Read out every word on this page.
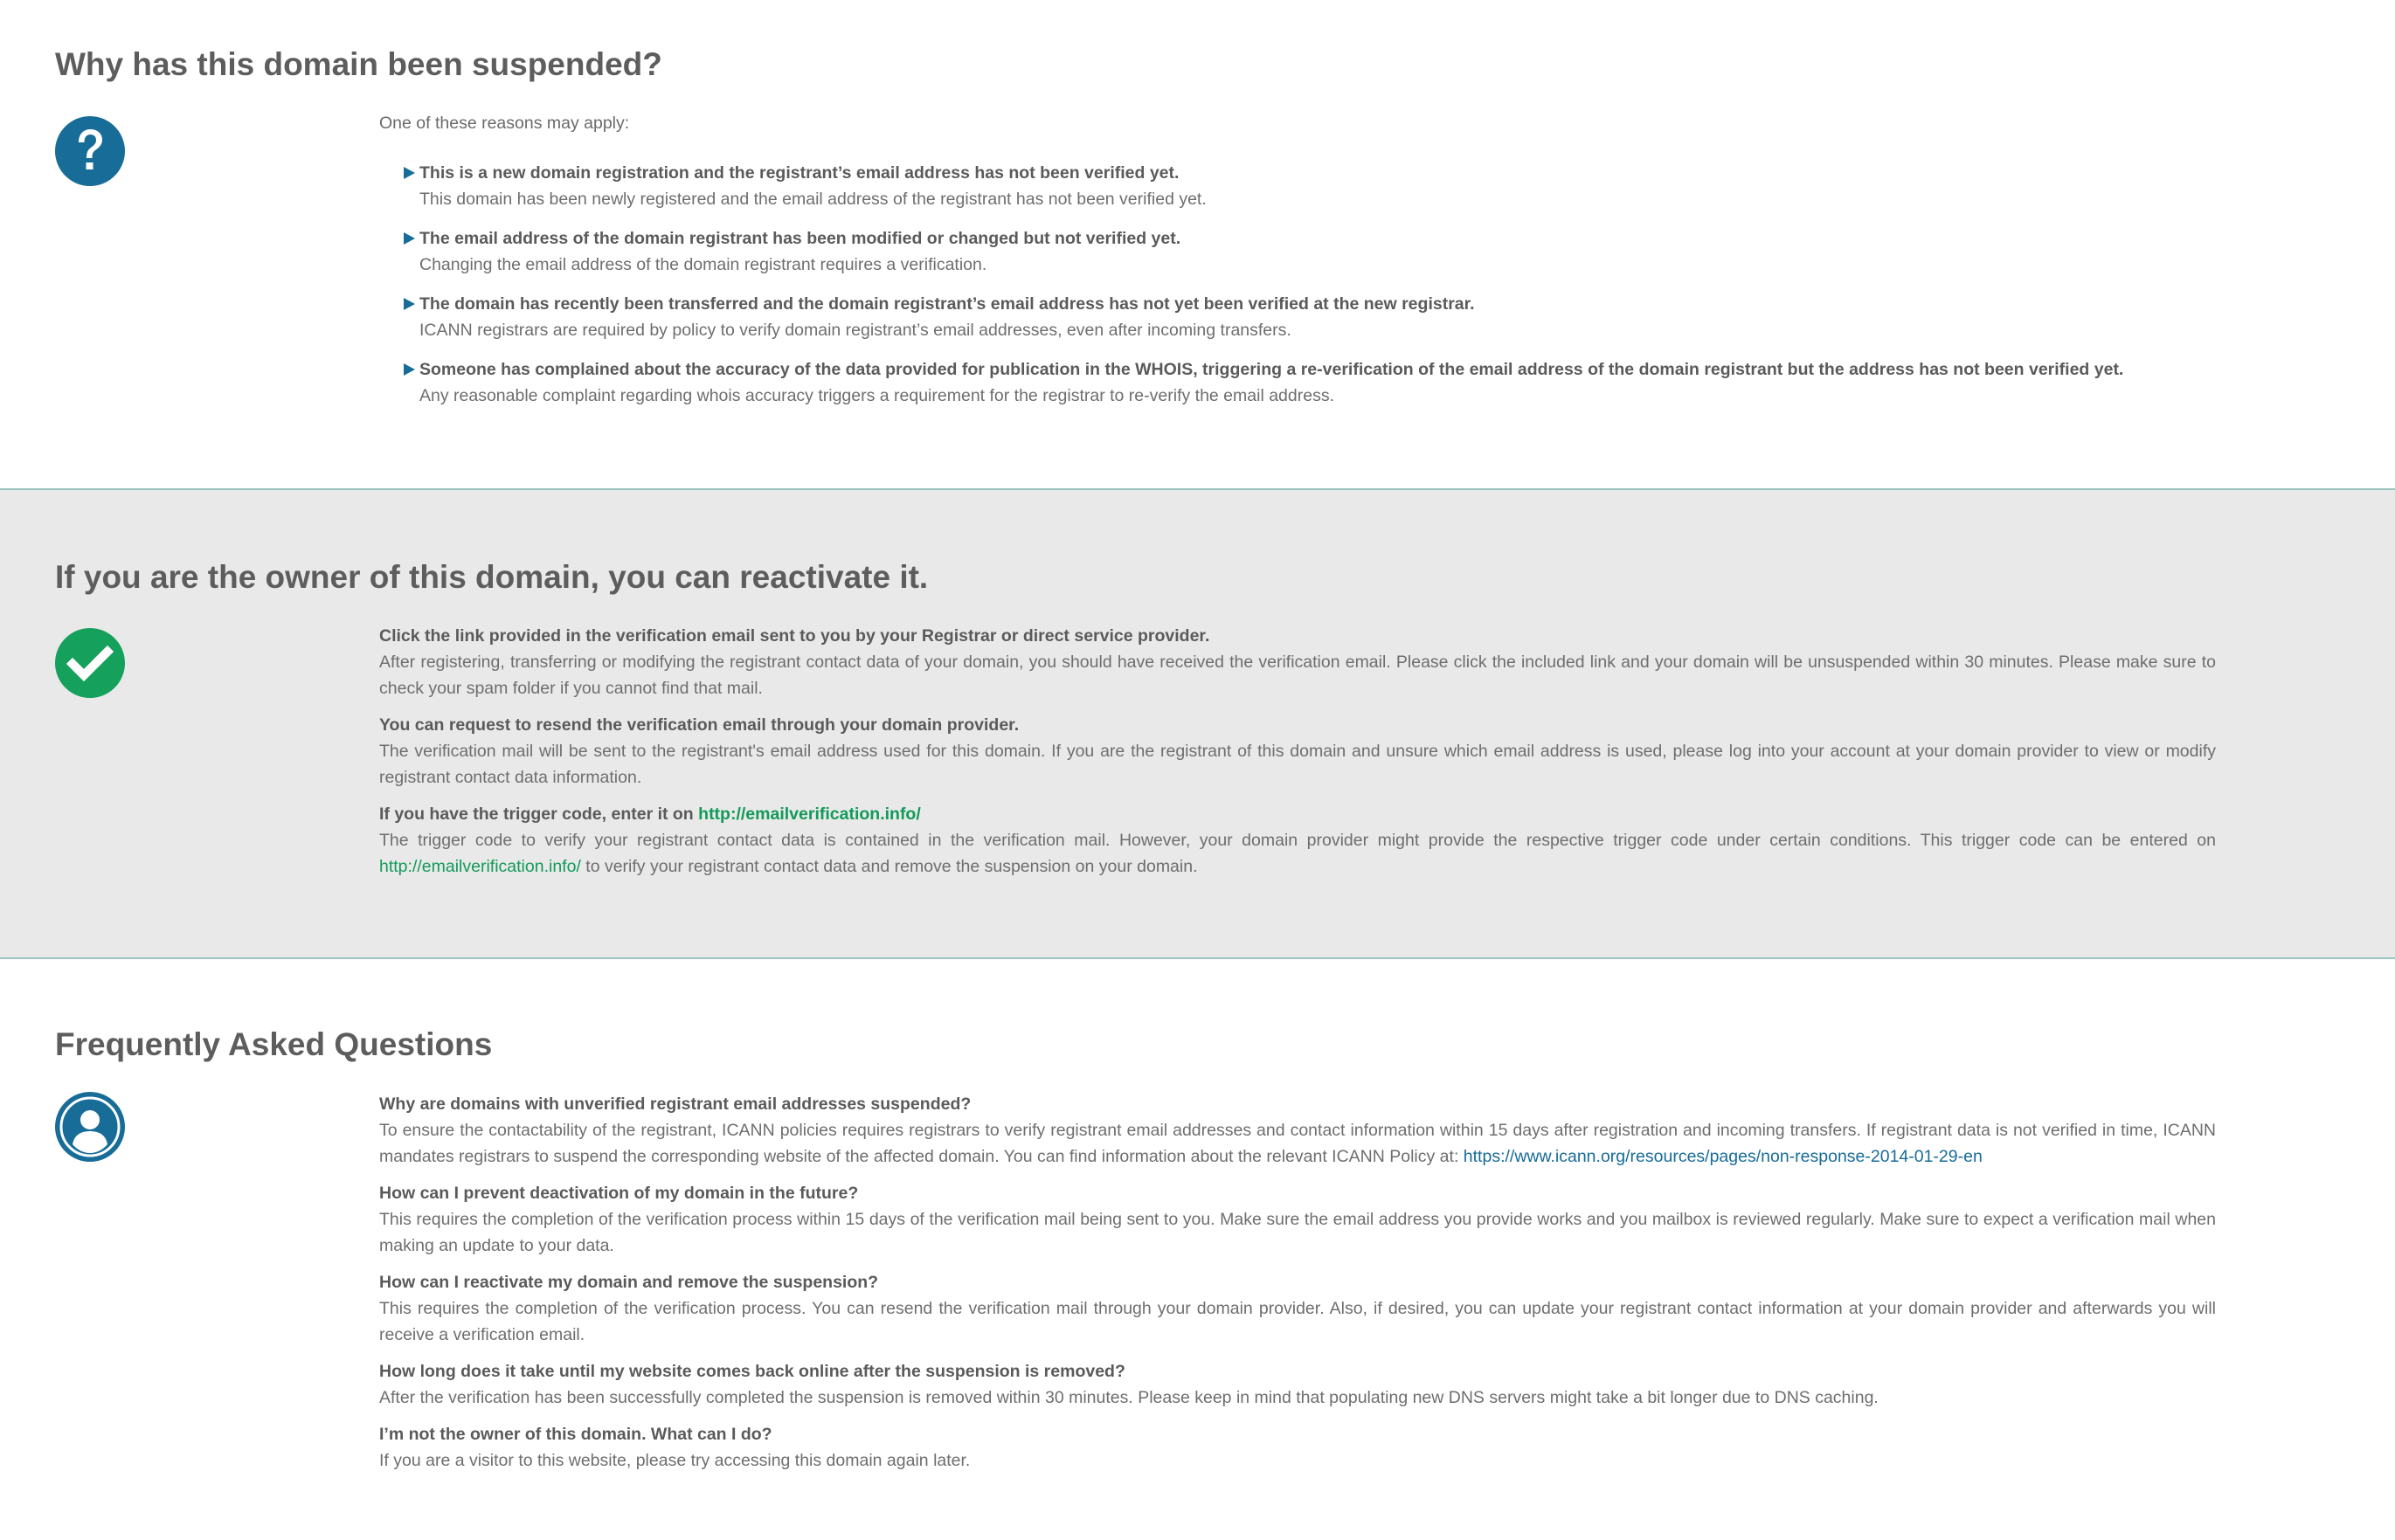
Why has this domain been suspended?

One of these reasons may apply:

This is a new domain registration and the registrant’s email address has not been verified yet.
This domain has been newly registered and the email address of the registrant has not been verified yet.
The email address of the domain registrant has been modified or changed but not verified yet.
Changing the email address of the domain registrant requires a verification.
The domain has recently been transferred and the domain registrant’s email address has not yet been verified at the new registrar.
ICANN registrars are required by policy to verify domain registrant’s email addresses, even after incoming transfers.
Someone has complained about the accuracy of the data provided for publication in the WHOIS, triggering a re-verification of the email address of the domain registrant but the address has not been verified yet.
Any reasonable complaint regarding whois accuracy triggers a requirement for the registrar to re-verify the email address.
If you are the owner of this domain, you can reactivate it.
Click the link provided in the verification email sent to you by your Registrar or direct service provider.
After registering, transferring or modifying the registrant contact data of your domain, you should have received the verification email. Please click the included link and your domain will be unsuspended within 30 minutes. Please make sure to check your spam folder if you cannot find that mail.
You can request to resend the verification email through your domain provider.
The verification mail will be sent to the registrant's email address used for this domain. If you are the registrant of this domain and unsure which email address is used, please log into your account at your domain provider to view or modify registrant contact data information.
If you have the trigger code, enter it on http://emailverification.info/
The trigger code to verify your registrant contact data is contained in the verification mail. However, your domain provider might provide the respective trigger code under certain conditions. This trigger code can be entered on http://emailverification.info/ to verify your registrant contact data and remove the suspension on your domain.
Frequently Asked Questions
Why are domains with unverified registrant email addresses suspended?
To ensure the contactability of the registrant, ICANN policies requires registrars to verify registrant email addresses and contact information within 15 days after registration and incoming transfers. If registrant data is not verified in time, ICANN mandates registrars to suspend the corresponding website of the affected domain. You can find information about the relevant ICANN Policy at: https://www.icann.org/resources/pages/non-response-2014-01-29-en
How can I prevent deactivation of my domain in the future?
This requires the completion of the verification process within 15 days of the verification mail being sent to you. Make sure the email address you provide works and you mailbox is reviewed regularly. Make sure to expect a verification mail when making an update to your data.
How can I reactivate my domain and remove the suspension?
This requires the completion of the verification process. You can resend the verification mail through your domain provider. Also, if desired, you can update your registrant contact information at your domain provider and afterwards you will receive a verification email.
How long does it take until my website comes back online after the suspension is removed?
After the verification has been successfully completed the suspension is removed within 30 minutes. Please keep in mind that populating new DNS servers might take a bit longer due to DNS caching.
I’m not the owner of this domain. What can I do?
If you are a visitor to this website, please try accessing this domain again later.
